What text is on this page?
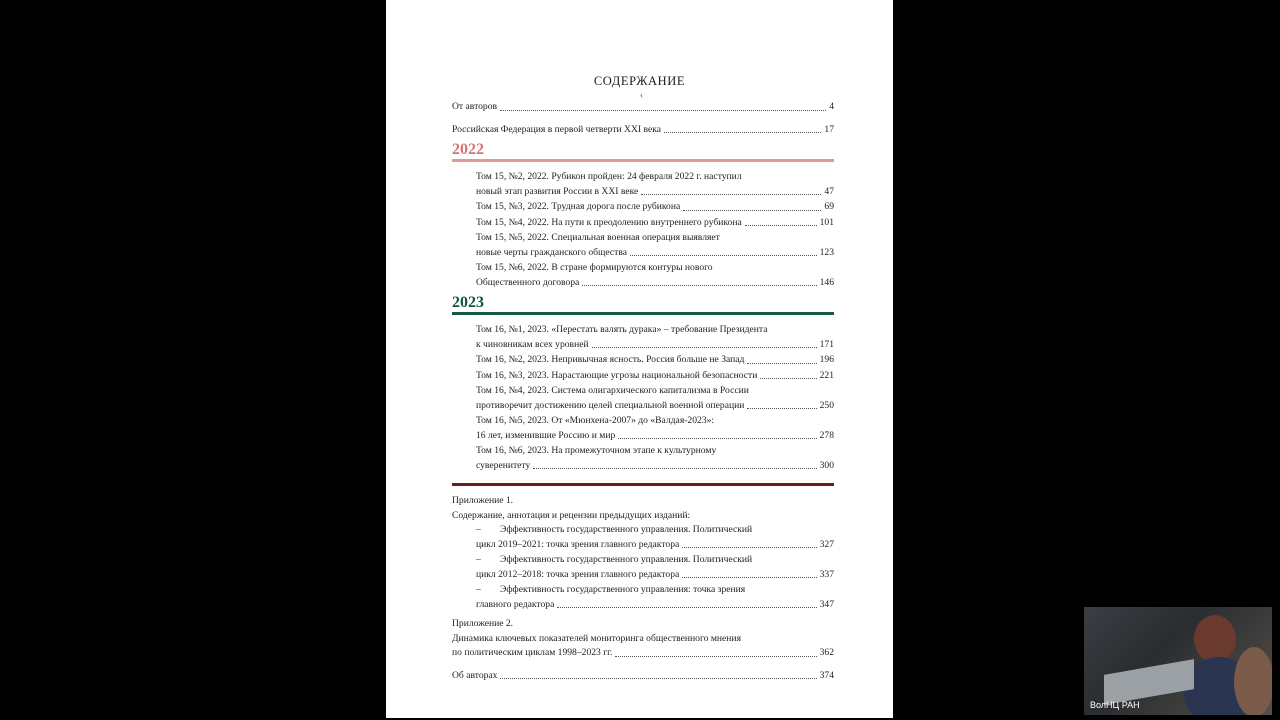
СОДЕРЖАНИЕ
‹
От авторов	4
Российская Федерация в первой четверти XXI века	17
2022
Том 15, №2, 2022. Рубикон пройден: 24 февраля 2022 г. наступил
новый этап развития России в XXI веке	47
Том 15, №3, 2022. Трудная дорога после рубикона	69
Том 15, №4, 2022. На пути к преодолению внутреннего рубикона	101
Том 15, №5, 2022. Специальная военная операция выявляет
новые черты гражданского общества	123
Том 15, №6, 2022. В стране формируются контуры нового
Общественного договора	146
2023
Том 16, №1, 2023. «Перестать валять дурака» – требование Президента
к чиновникам всех уровней	171
Том 16, №2, 2023. Непривычная ясность. Россия больше не Запад	196
Том 16, №3, 2023. Нарастающие угрозы национальной безопасности	221
Том 16, №4, 2023. Система олигархического капитализма в России
противоречит достижению целей специальной военной операции	250
Том 16, №5, 2023. От «Мюнхена-2007» до «Валдая-2023»:
16 лет, изменившие Россию и мир	278
Том 16, №6, 2023. На промежуточном этапе к культурному
суверенитету	300
Приложение 1.
Содержание, аннотация и рецензии предыдущих изданий:
–	Эффективность государственного управления. Политический
цикл 2019–2021: точка зрения главного редактора	327
–	Эффективность государственного управления. Политический
цикл 2012–2018: точка зрения главного редактора	337
–	Эффективность государственного управления: точка зрения
главного редактора	347
Приложение 2.
Динамика ключевых показателей мониторинга общественного мнения
по политическим циклам 1998–2023 гг.	362
Об авторах	374
ВолНЦ РАН
